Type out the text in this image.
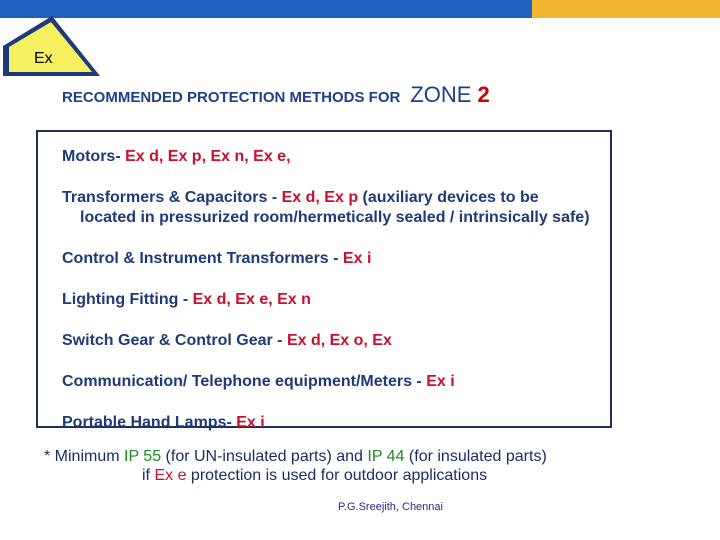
Ex
RECOMMENDED PROTECTION METHODS FOR ZONE 2
Motors- Ex d, Ex p, Ex n, Ex e,
Transformers & Capacitors - Ex d, Ex p (auxiliary devices to be
located in pressurized room/hermetically sealed / intrinsically safe)
Control & Instrument Transformers - Ex i
Lighting Fitting - Ex d, Ex e, Ex n
Switch Gear & Control Gear - Ex d, Ex o, Ex
Communication/ Telephone equipment/Meters - Ex i
Portable Hand Lamps- Ex i
* Minimum IP 55 (for UN-insulated parts) and IP 44 (for insulated parts)
if Ex e protection is used for outdoor applications
P.G.Sreejith, Chennai
